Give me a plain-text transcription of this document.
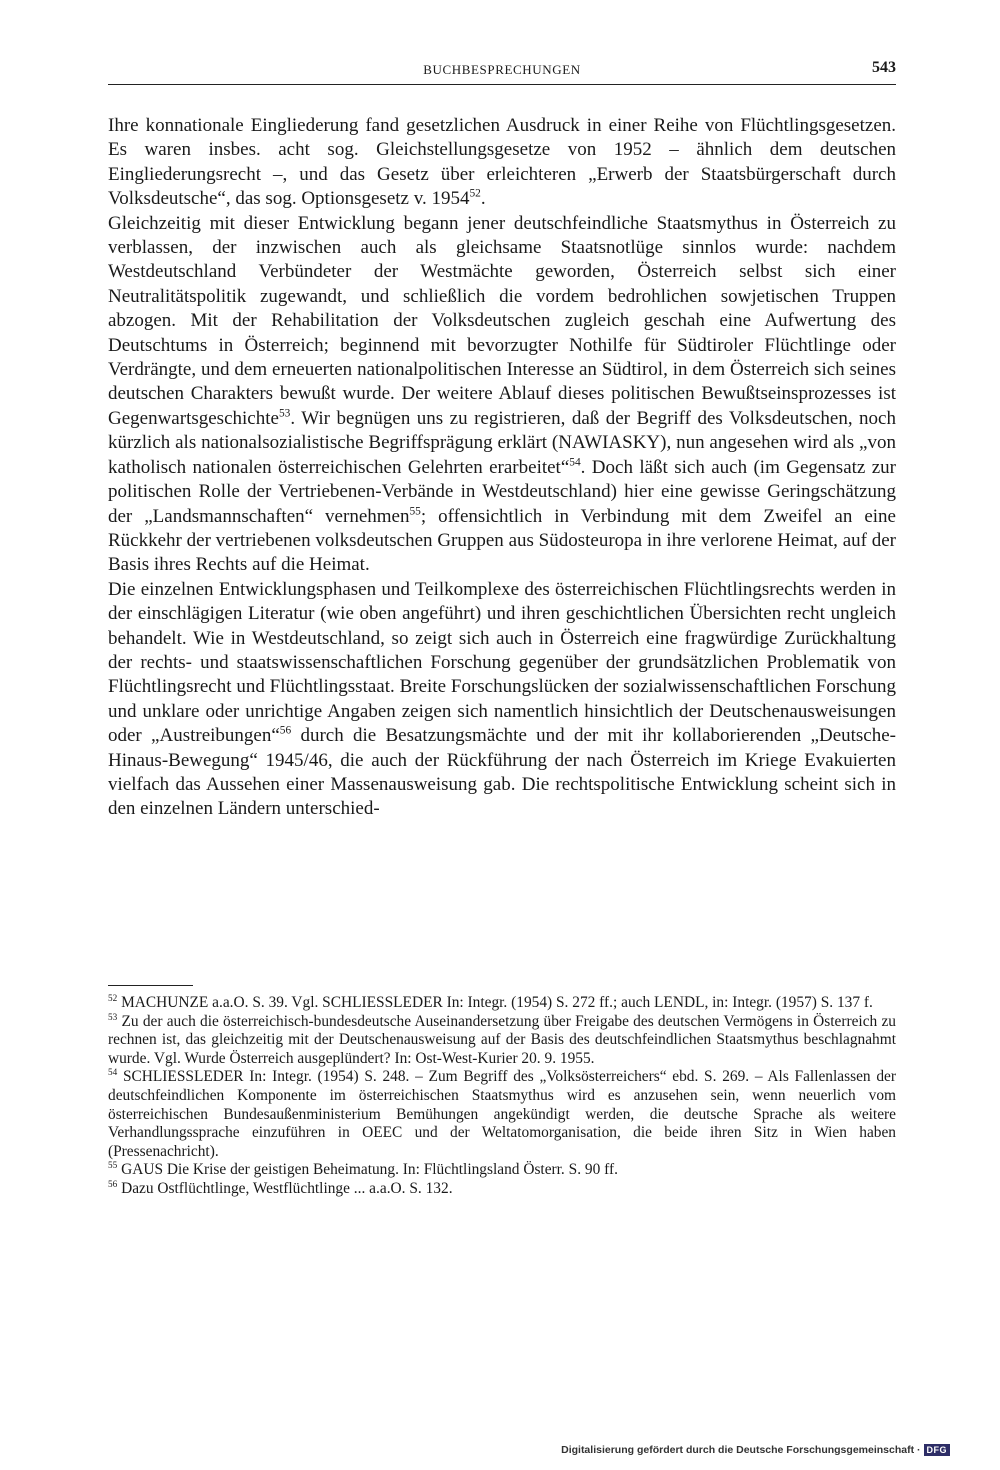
BUCHBESPRECHUNGEN	543

Ihre konnationale Eingliederung fand gesetzlichen Ausdruck in einer Reihe von Flüchtlingsgesetzen. Es waren insbes. acht sog. Gleichstellungsgesetze von 1952 – ähnlich dem deutschen Eingliederungsrecht –, und das Gesetz über erleichteren „Erwerb der Staatsbürgerschaft durch Volksdeutsche“, das sog. Optionsgesetz v. 1954$^{52}$.

Gleichzeitig mit dieser Entwicklung begann jener deutschfeindliche Staatsmythus in Österreich zu verblassen, der inzwischen auch als gleichsame Staatsnotlüge sinnlos wurde: nachdem Westdeutschland Verbündeter der Westmächte geworden, Österreich selbst sich einer Neutralitätspolitik zugewandt, und schließlich die vordem bedrohlichen sowjetischen Truppen abzogen. Mit der Rehabilitation der Volksdeutschen zugleich geschah eine Aufwertung des Deutschtums in Österreich; beginnend mit bevorzugter Nothilfe für Südtiroler Flüchtlinge oder Verdrängte, und dem erneuerten nationalpolitischen Interesse an Südtirol, in dem Österreich sich seines deutschen Charakters bewußt wurde. Der weitere Ablauf dieses politischen Bewußtseinsprozesses ist Gegenwartsgeschichte$^{53}$. Wir begnügen uns zu registrieren, daß der Begriff des Volksdeutschen, noch kürzlich als nationalsozialistische Begriffsprägung erklärt (NAWIASKY), nun angesehen wird als „von katholisch nationalen österreichischen Gelehrten erarbeitet“$^{54}$. Doch läßt sich auch (im Gegensatz zur politischen Rolle der Vertriebenen-Verbände in Westdeutschland) hier eine gewisse Geringschätzung der „Landsmannschaften“ vernehmen$^{55}$; offensichtlich in Verbindung mit dem Zweifel an eine Rückkehr der vertriebenen volksdeutschen Gruppen aus Südosteuropa in ihre verlorene Heimat, auf der Basis ihres Rechts auf die Heimat.

Die einzelnen Entwicklungsphasen und Teilkomplexe des österreichischen Flüchtlingsrechts werden in der einschlägigen Literatur (wie oben angeführt) und ihren geschichtlichen Übersichten recht ungleich behandelt. Wie in Westdeutschland, so zeigt sich auch in Österreich eine fragwürdige Zurückhaltung der rechts- und staatswissenschaftlichen Forschung gegenüber der grundsätzlichen Problematik von Flüchtlingsrecht und Flüchtlingsstaat. Breite Forschungslücken der sozialwissenschaftlichen Forschung und unklare oder unrichtige Angaben zeigen sich namentlich hinsichtlich der Deutschenausweisungen oder „Austreibungen“$^{56}$ durch die Besatzungsmächte und der mit ihr kollaborierenden „Deutsche-Hinaus-Bewegung“ 1945/46, die auch der Rückführung der nach Österreich im Kriege Evakuierten vielfach das Aussehen einer Massenausweisung gab. Die rechtspolitische Entwicklung scheint sich in den einzelnen Ländern unterschied-

$^{52}$ MACHUNZE a.a.O. S. 39. Vgl. SCHLIESSLEDER In: Integr. (1954) S. 272 ff.; auch LENDL, in: Integr. (1957) S. 137 f.

$^{53}$ Zu der auch die österreichisch-bundesdeutsche Auseinandersetzung über Freigabe des deutschen Vermögens in Österreich zu rechnen ist, das gleichzeitig mit der Deutschenausweisung auf der Basis des deutschfeindlichen Staatsmythus beschlagnahmt wurde. Vgl. Wurde Österreich ausgeplündert? In: Ost-West-Kurier 20. 9. 1955.

$^{54}$ SCHLIESSLEDER In: Integr. (1954) S. 248. – Zum Begriff des „Volksösterreichers“ ebd. S. 269. – Als Fallenlassen der deutschfeindlichen Komponente im österreichischen Staatsmythus wird es anzusehen sein, wenn neuerlich vom österreichischen Bundesaußenministerium Bemühungen angekündigt werden, die deutsche Sprache als weitere Verhandlungssprache einzuführen in OEEC und der Weltatomorganisation, die beide ihren Sitz in Wien haben (Pressenachricht).

$^{55}$ GAUS Die Krise der geistigen Beheimatung. In: Flüchtlingsland Österr. S. 90 ff.

$^{56}$ Dazu Ostflüchtlinge, Westflüchtlinge ... a.a.O. S. 132.

Digitalisierung gefördert durch die Deutsche Forschungsgemeinschaft · DFG
